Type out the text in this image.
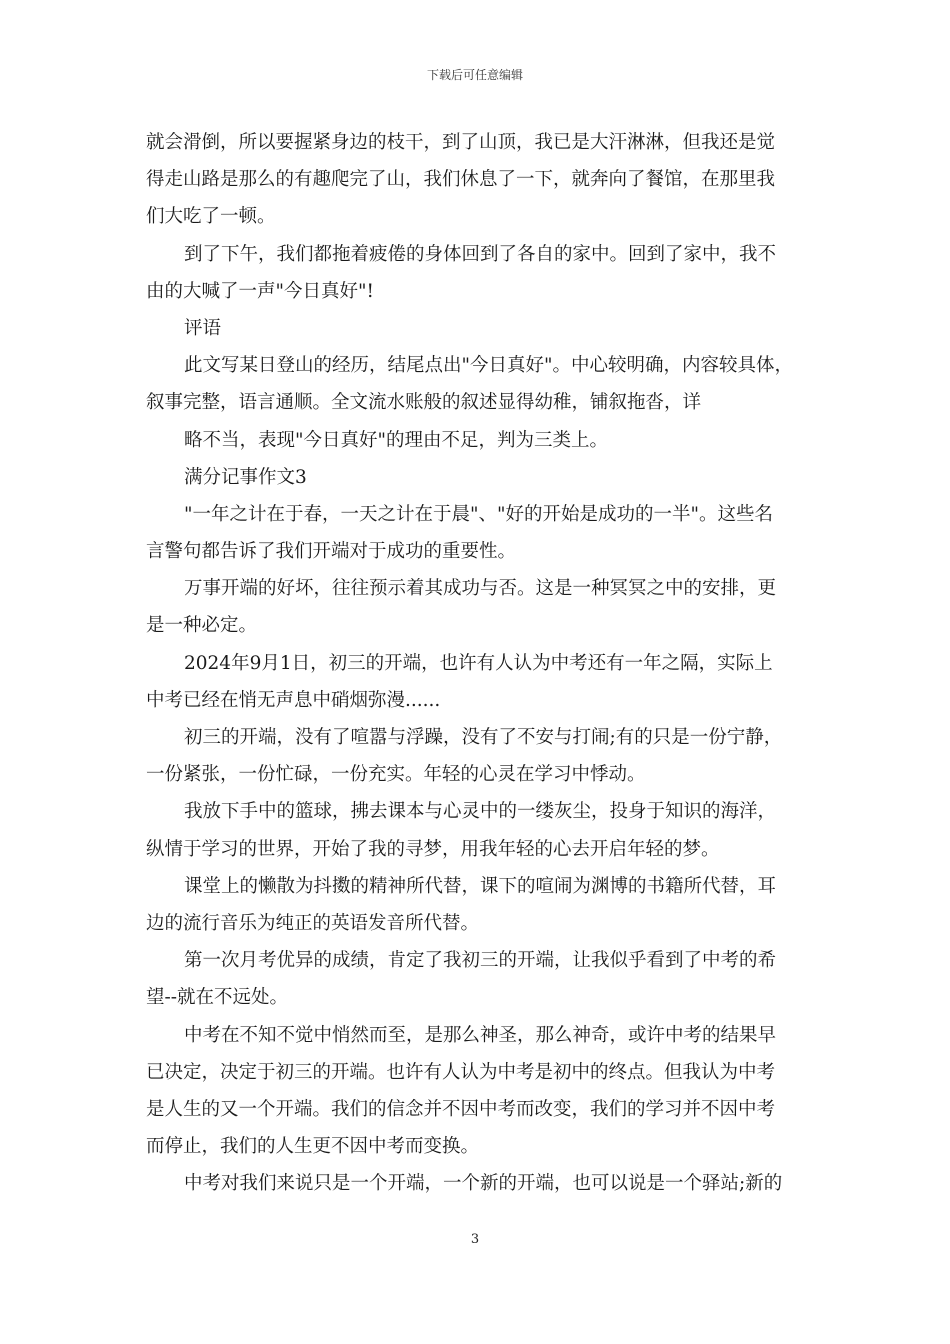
下载后可任意编辑
就会滑倒，所以要握紧身边的枝干，到了山顶，我已是大汗淋淋，但我还是觉
得走山路是那么的有趣爬完了山，我们休息了一下，就奔向了餐馆，在那里我
们大吃了一顿。
到了下午，我们都拖着疲倦的身体回到了各自的家中。回到了家中，我不
由的大喊了一声"今日真好"!
评语
此文写某日登山的经历，结尾点出"今日真好"。中心较明确，内容较具体，
叙事完整，语言通顺。全文流水账般的叙述显得幼稚，铺叙拖沓，详
略不当，表现"今日真好"的理由不足，判为三类上。
满分记事作文3
"一年之计在于春，一天之计在于晨"、"好的开始是成功的一半"。这些名
言警句都告诉了我们开端对于成功的重要性。
万事开端的好坏，往往预示着其成功与否。这是一种冥冥之中的安排，更
是一种必定。
2024年9月1日，初三的开端，也许有人认为中考还有一年之隔，实际上
中考已经在悄无声息中硝烟弥漫......
初三的开端，没有了喧嚣与浮躁，没有了不安与打闹;有的只是一份宁静，
一份紧张，一份忙碌，一份充实。年轻的心灵在学习中悸动。
我放下手中的篮球，拂去课本与心灵中的一缕灰尘，投身于知识的海洋，
纵情于学习的世界，开始了我的寻梦，用我年轻的心去开启年轻的梦。
课堂上的懒散为抖擞的精神所代替，课下的喧闹为渊博的书籍所代替，耳
边的流行音乐为纯正的英语发音所代替。
第一次月考优异的成绩，肯定了我初三的开端，让我似乎看到了中考的希
望--就在不远处。
中考在不知不觉中悄然而至，是那么神圣，那么神奇，或许中考的结果早
已决定，决定于初三的开端。也许有人认为中考是初中的终点。但我认为中考
是人生的又一个开端。我们的信念并不因中考而改变，我们的学习并不因中考
而停止，我们的人生更不因中考而变换。
中考对我们来说只是一个开端，一个新的开端，也可以说是一个驿站;新的
3
